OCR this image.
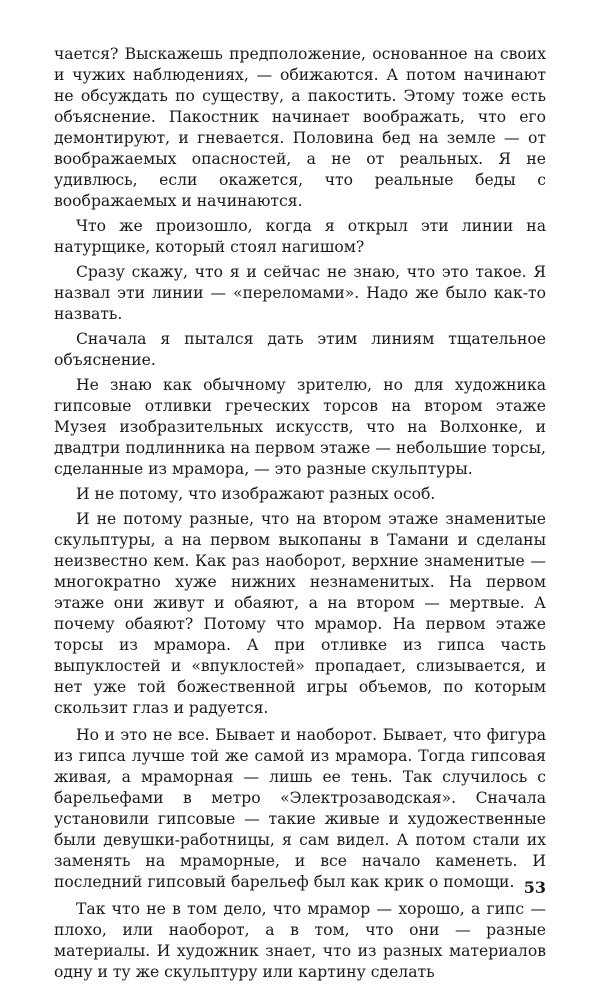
чается? Выскажешь предположение, основанное на своих и чужих наблюдениях, — обижаются. А потом начинают не обсуждать по существу, а пакостить. Этому тоже есть объяснение. Пакостник начинает воображать, что его демонтируют, и гневается. Половина бед на земле — от воображаемых опасностей, а не от реальных. Я не удивлюсь, если окажется, что реальные беды с воображаемых и начинаются.

Что же произошло, когда я открыл эти линии на натурщике, который стоял нагишом?

Сразу скажу, что я и сейчас не знаю, что это такое. Я назвал эти линии — «переломами». Надо же было как-то назвать.

Сначала я пытался дать этим линиям тщательное объяснение.

Не знаю как обычному зрителю, но для художника гипсовые отливки греческих торсов на втором этаже Музея изобразительных искусств, что на Волхонке, и двадтри подлинника на первом этаже — небольшие торсы, сделанные из мрамора, — это разные скульптуры.

И не потому, что изображают разных особ.

И не потому разные, что на втором этаже знаменитые скульптуры, а на первом выкопаны в Тамани и сделаны неизвестно кем. Как раз наоборот, верхние знаменитые — многократно хуже нижних незнаменитых. На первом этаже они живут и обаяют, а на втором — мертвые. А почему обаяют? Потому что мрамор. На первом этаже торсы из мрамора. А при отливке из гипса часть выпуклостей и «впуклостей» пропадает, слизывается, и нет уже той божественной игры объемов, по которым скользит глаз и радуется.

Но и это не все. Бывает и наоборот. Бывает, что фигура из гипса лучше той же самой из мрамора. Тогда гипсовая живая, а мраморная — лишь ее тень. Так случилось с барельефами в метро «Электрозаводская». Сначала установили гипсовые — такие живые и художественные были девушки-работницы, я сам видел. А потом стали их заменять на мраморные, и все начало каменеть. И последний гипсовый барельеф был как крик о помощи.

Так что не в том дело, что мрамор — хорошо, а гипс — плохо, или наоборот, а в том, что они — разные материалы. И художник знает, что из разных материалов одну и ту же скульптуру или картину сделать

53
